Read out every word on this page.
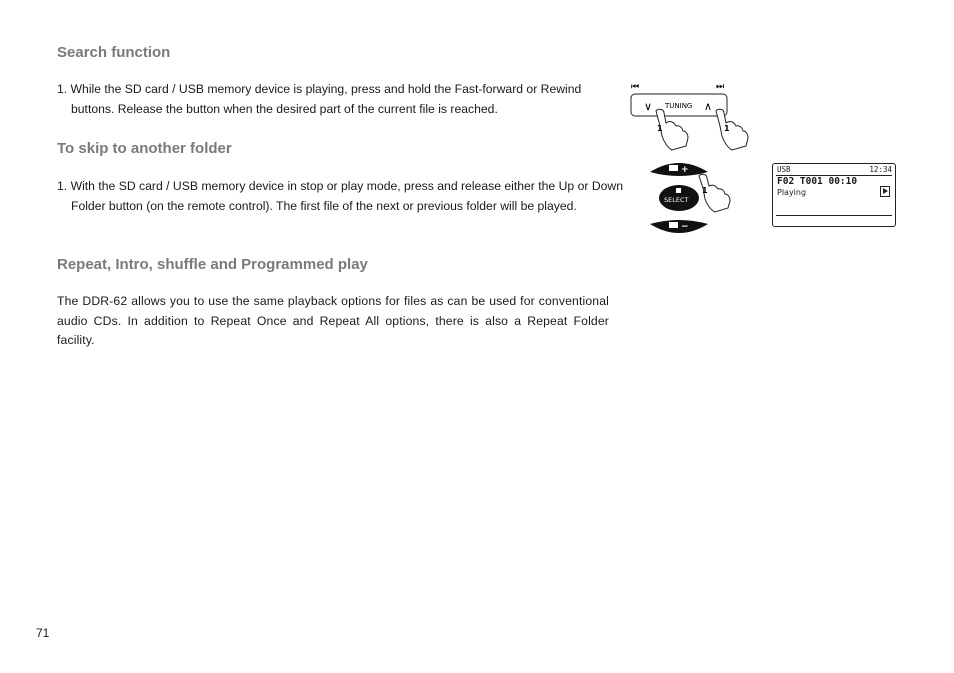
Search function
1. While the SD card / USB memory device is playing, press and hold the Fast-forward or Rewind
buttons. Release the button when the desired part of the current file is reached.
To skip to another folder

1. With the SD card / USB memory device in stop or play mode, press and release either the Up or Down Folder button (on the remote control). The first file of the next or previous folder will be played.

Repeat, Intro, shuffle and Programmed play

The DDR-62 allows you to use the same playback options for files as can be used for conventional audio CDs. In addition to Repeat Once and Repeat All options, there is also a Repeat Folder facility.

⏮	⏭
∨ TUNING ∧
1	1
+
SELECT
−
1
USB	12:34
F02 T001 00:10
Playing
71
